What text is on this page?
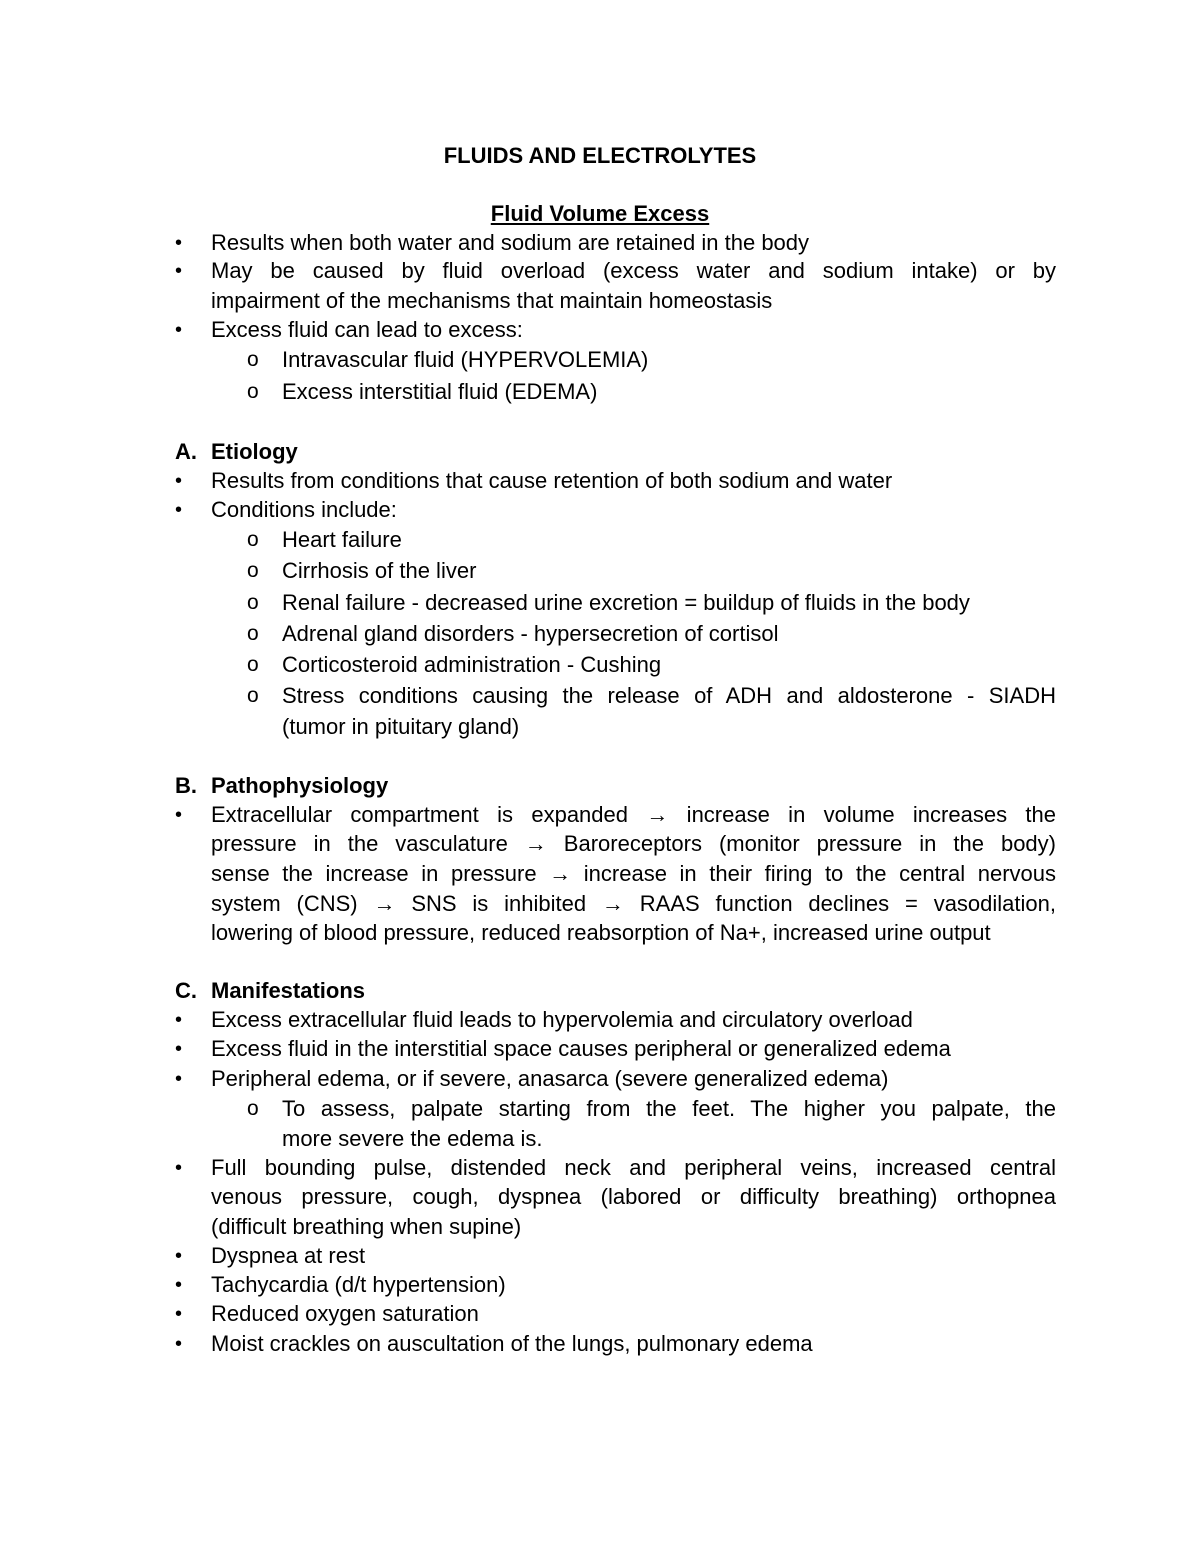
FLUIDS AND ELECTROLYTES
Fluid Volume Excess
• Results when both water and sodium are retained in the body
• May be caused by fluid overload (excess water and sodium intake) or by
impairment of the mechanisms that maintain homeostasis
• Excess fluid can lead to excess:
o Intravascular fluid (HYPERVOLEMIA)
o Excess interstitial fluid (EDEMA)
A. Etiology
• Results from conditions that cause retention of both sodium and water
• Conditions include:
o Heart failure
o Cirrhosis of the liver
o Renal failure - decreased urine excretion = buildup of fluids in the body
o Adrenal gland disorders - hypersecretion of cortisol
o Corticosteroid administration - Cushing
o Stress conditions causing the release of ADH and aldosterone - SIADH
(tumor in pituitary gland)
B. Pathophysiology
• Extracellular compartment is expanded → increase in volume increases the
pressure in the vasculature → Baroreceptors (monitor pressure in the body)
sense the increase in pressure → increase in their firing to the central nervous
system (CNS) → SNS is inhibited → RAAS function declines = vasodilation,
lowering of blood pressure, reduced reabsorption of Na+, increased urine output
C. Manifestations
• Excess extracellular fluid leads to hypervolemia and circulatory overload
• Excess fluid in the interstitial space causes peripheral or generalized edema
• Peripheral edema, or if severe, anasarca (severe generalized edema)
o To assess, palpate starting from the feet. The higher you palpate, the
more severe the edema is.
• Full bounding pulse, distended neck and peripheral veins, increased central
venous pressure, cough, dyspnea (labored or difficulty breathing) orthopnea
(difficult breathing when supine)
• Dyspnea at rest
• Tachycardia (d/t hypertension)
• Reduced oxygen saturation
• Moist crackles on auscultation of the lungs, pulmonary edema
